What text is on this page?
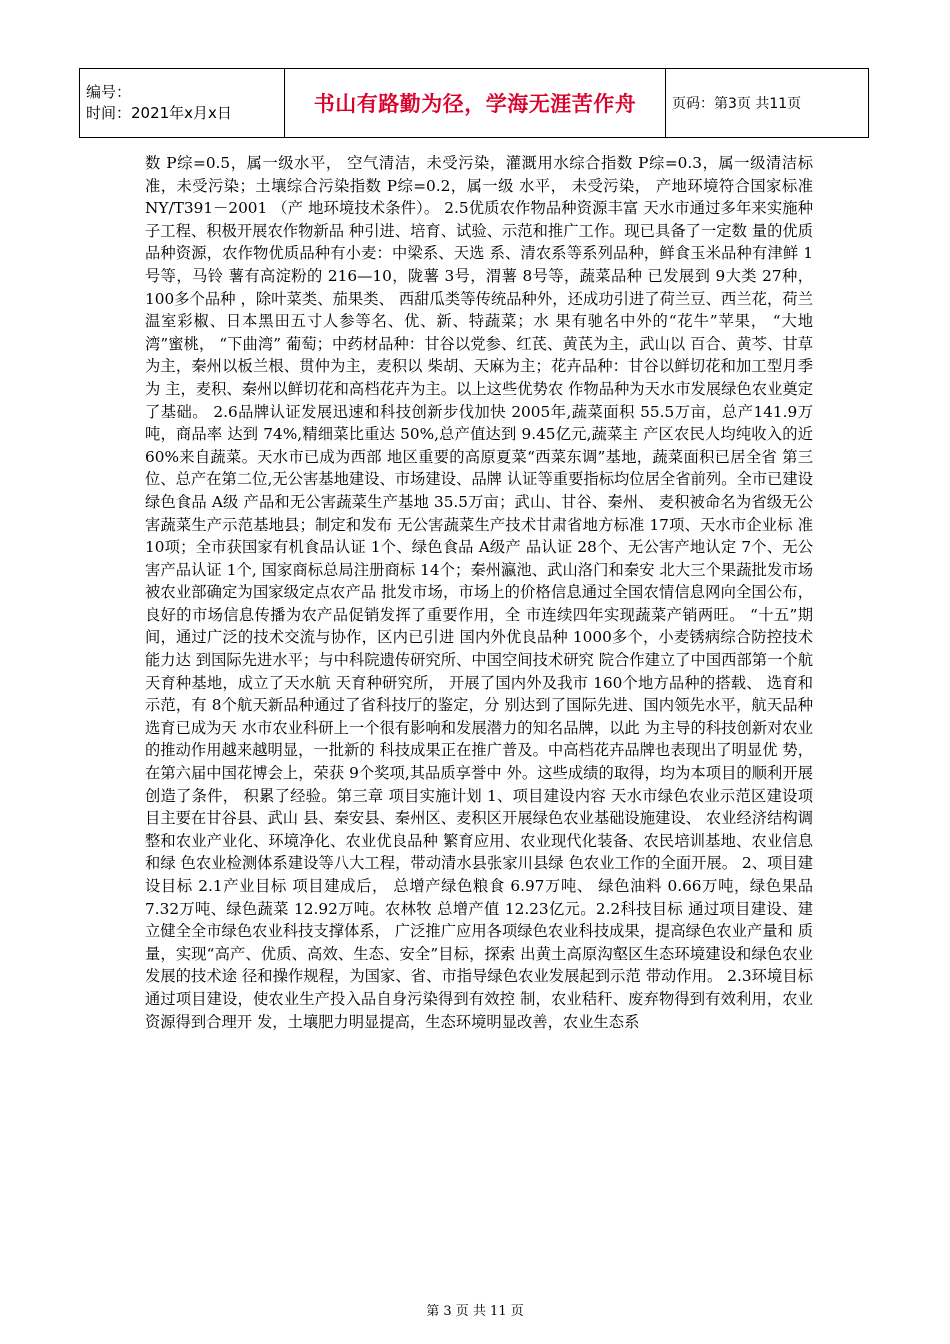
编号：
时间：2021年x月x日	书山有路勤为径，学海无涯苦作舟	页码：第3页 共11页

数 P综=0.5，属一级水平， 空气清洁，未受污染，灌溉用水综合指数 P综=0.3，属一级清洁标准，未受污染；土壤综合污染指数 P综=0.2，属一级 水平， 未受污染， 产地环境符合国家标准 NY/T391－2001 （产 地环境技术条件）。 2.5优质农作物品种资源丰富 天水市通过多年来实施种子工程、积极开展农作物新品 种引进、培育、试验、示范和推广工作。现已具备了一定数 量的优质品种资源，农作物优质品种有小麦：中梁系、天选 系、清农系等系列品种，鲜食玉米品种有津鲜 1号等，马铃 薯有高淀粉的 216—10，陇薯 3号，渭薯 8号等，蔬菜品种 已发展到 9大类 27种，100多个品种 ，除叶菜类、茄果类、 西甜瓜类等传统品种外，还成功引进了荷兰豆、西兰花，荷兰温室彩椒、日本黑田五寸人参等名、优、新、特蔬菜；水 果有驰名中外的“花牛”苹果， “大地湾”蜜桃， “下曲湾” 葡萄；中药材品种：甘谷以党参、红芪、黄芪为主，武山以 百合、黄芩、甘草为主，秦州以板兰根、贯仲为主，麦积以 柴胡、天麻为主；花卉品种：甘谷以鲜切花和加工型月季为 主，麦积、秦州以鲜切花和高档花卉为主。以上这些优势农 作物品种为天水市发展绿色农业奠定了基础。 2.6品牌认证发展迅速和科技创新步伐加快 2005年,蔬菜面积 55.5万亩，总产141.9万吨，商品率 达到 74%,精细菜比重达 50%,总产值达到 9.45亿元,蔬菜主 产区农民人均纯收入的近 60%来自蔬菜。天水市已成为西部 地区重要的高原夏菜“西菜东调”基地，蔬菜面积已居全省 第三位、总产在第二位,无公害基地建设、市场建设、品牌 认证等重要指标均位居全省前列。全市已建设绿色食品 A级 产品和无公害蔬菜生产基地 35.5万亩；武山、甘谷、秦州、 麦积被命名为省级无公害蔬菜生产示范基地县；制定和发布 无公害蔬菜生产技术甘肃省地方标准 17项、天水市企业标 准 10项；全市获国家有机食品认证 1个、绿色食品 A级产 品认证 28个、无公害产地认定 7个、无公害产品认证 1个, 国家商标总局注册商标 14个；秦州瀛池、武山洛门和秦安 北大三个果蔬批发市场被农业部确定为国家级定点农产品 批发市场，市场上的价格信息通过全国农情信息网向全国公布，良好的市场信息传播为农产品促销发挥了重要作用，全 市连续四年实现蔬菜产销两旺。 “十五”期间，通过广泛的技术交流与协作，区内已引进 国内外优良品种 1000多个，小麦锈病综合防控技术能力达 到国际先进水平；与中科院遗传研究所、中国空间技术研究 院合作建立了中国西部第一个航天育种基地，成立了天水航 天育种研究所， 开展了国内外及我市 160个地方品种的搭载、 选育和示范，有 8个航天新品种通过了省科技厅的鉴定，分 别达到了国际先进、国内领先水平，航天品种选育已成为天 水市农业科研上一个很有影响和发展潜力的知名品牌，以此 为主导的科技创新对农业的推动作用越来越明显，一批新的 科技成果正在推广普及。中高档花卉品牌也表现出了明显优 势，在第六届中国花博会上，荣获 9个奖项,其品质享誉中 外。这些成绩的取得，均为本项目的顺利开展创造了条件， 积累了经验。第三章 项目实施计划 1、项目建设内容 天水市绿色农业示范区建设项目主要在甘谷县、武山 县、秦安县、秦州区、麦积区开展绿色农业基础设施建设、 农业经济结构调整和农业产业化、环境净化、农业优良品种 繁育应用、农业现代化装备、农民培训基地、农业信息和绿 色农业检测体系建设等八大工程，带动清水县张家川县绿 色农业工作的全面开展。 2、项目建设目标 2.1产业目标 项目建成后， 总增产绿色粮食 6.97万吨、 绿色油料 0.66万吨，绿色果品 7.32万吨、绿色蔬菜 12.92万吨。农林牧 总增产值 12.23亿元。2.2科技目标 通过项目建设、建立健全全市绿色农业科技支撑体系， 广泛推广应用各项绿色农业科技成果，提高绿色农业产量和 质量，实现“高产、优质、高效、生态、安全”目标，探索 出黄土高原沟壑区生态环境建设和绿色农业发展的技术途 径和操作规程，为国家、省、市指导绿色农业发展起到示范 带动作用。 2.3环境目标 通过项目建设，使农业生产投入品自身污染得到有效控 制，农业秸秆、废弃物得到有效利用，农业资源得到合理开 发，土壤肥力明显提高，生态环境明显改善，农业生态系

第 3 页 共 11 页
